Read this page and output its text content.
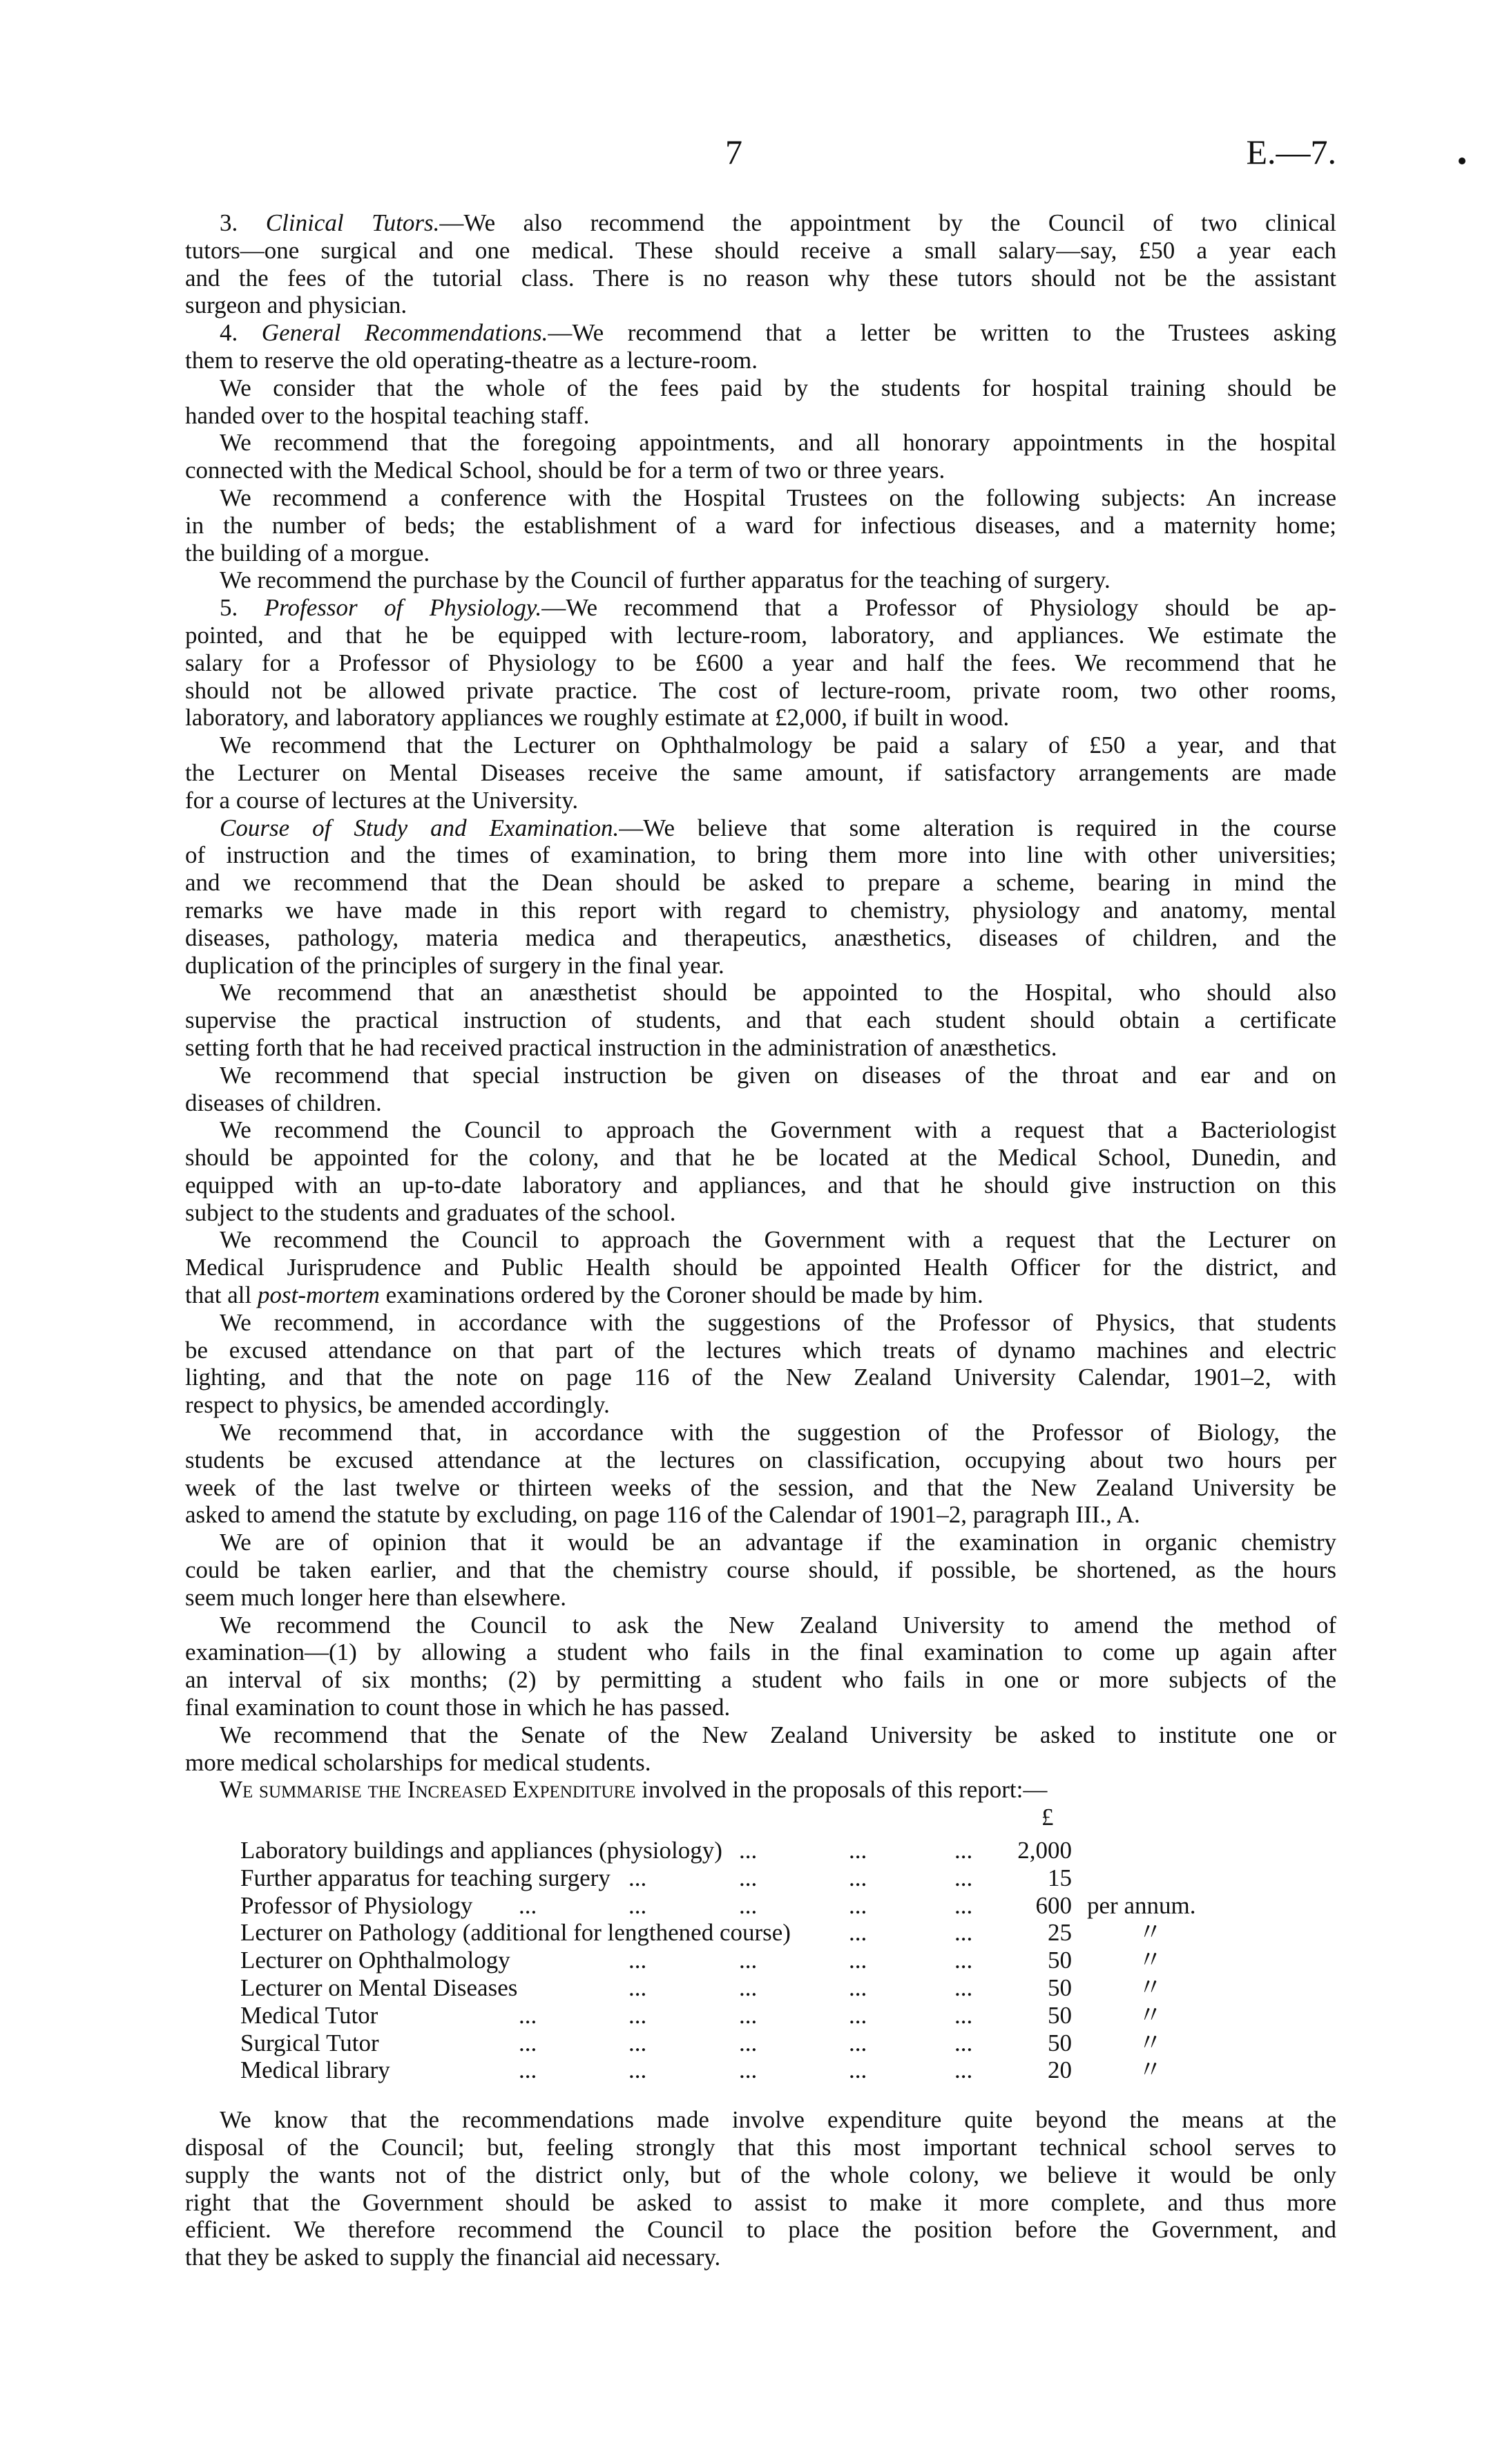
7	E.—7.
3. Clinical Tutors.—We also recommend the appointment by the Council of two clinical
tutors—one surgical and one medical. These should receive a small salary—say, £50 a year each
and the fees of the tutorial class. There is no reason why these tutors should not be the assistant
surgeon and physician.
4. General Recommendations.—We recommend that a letter be written to the Trustees asking
them to reserve the old operating-theatre as a lecture-room.
We consider that the whole of the fees paid by the students for hospital training should be
handed over to the hospital teaching staff.
We recommend that the foregoing appointments, and all honorary appointments in the hospital
connected with the Medical School, should be for a term of two or three years.
We recommend a conference with the Hospital Trustees on the following subjects: An increase
in the number of beds; the establishment of a ward for infectious diseases, and a maternity home;
the building of a morgue.
We recommend the purchase by the Council of further apparatus for the teaching of surgery.
5. Professor of Physiology.—We recommend that a Professor of Physiology should be ap-
pointed, and that he be equipped with lecture-room, laboratory, and appliances. We estimate the
salary for a Professor of Physiology to be £600 a year and half the fees. We recommend that he
should not be allowed private practice. The cost of lecture-room, private room, two other rooms,
laboratory, and laboratory appliances we roughly estimate at £2,000, if built in wood.
We recommend that the Lecturer on Ophthalmology be paid a salary of £50 a year, and that
the Lecturer on Mental Diseases receive the same amount, if satisfactory arrangements are made
for a course of lectures at the University.
Course of Study and Examination.—We believe that some alteration is required in the course
of instruction and the times of examination, to bring them more into line with other universities;
and we recommend that the Dean should be asked to prepare a scheme, bearing in mind the
remarks we have made in this report with regard to chemistry, physiology and anatomy, mental
diseases, pathology, materia medica and therapeutics, anæsthetics, diseases of children, and the
duplication of the principles of surgery in the final year.
We recommend that an anæsthetist should be appointed to the Hospital, who should also
supervise the practical instruction of students, and that each student should obtain a certificate
setting forth that he had received practical instruction in the administration of anæsthetics.
We recommend that special instruction be given on diseases of the throat and ear and on
diseases of children.
We recommend the Council to approach the Government with a request that a Bacteriologist
should be appointed for the colony, and that he be located at the Medical School, Dunedin, and
equipped with an up-to-date laboratory and appliances, and that he should give instruction on this
subject to the students and graduates of the school.
We recommend the Council to approach the Government with a request that the Lecturer on
Medical Jurisprudence and Public Health should be appointed Health Officer for the district, and
that all post-mortem examinations ordered by the Coroner should be made by him.
We recommend, in accordance with the suggestions of the Professor of Physics, that students
be excused attendance on that part of the lectures which treats of dynamo machines and electric
lighting, and that the note on page 116 of the New Zealand University Calendar, 1901–2, with
respect to physics, be amended accordingly.
We recommend that, in accordance with the suggestion of the Professor of Biology, the
students be excused attendance at the lectures on classification, occupying about two hours per
week of the last twelve or thirteen weeks of the session, and that the New Zealand University be
asked to amend the statute by excluding, on page 116 of the Calendar of 1901–2, paragraph III., A.
We are of opinion that it would be an advantage if the examination in organic chemistry
could be taken earlier, and that the chemistry course should, if possible, be shortened, as the hours
seem much longer here than elsewhere.
We recommend the Council to ask the New Zealand University to amend the method of
examination—(1) by allowing a student who fails in the final examination to come up again after
an interval of six months; (2) by permitting a student who fails in one or more subjects of the
final examination to count those in which he has passed.
We recommend that the Senate of the New Zealand University be asked to institute one or
more medical scholarships for medical students.
We summarise the Increased Expenditure involved in the proposals of this report:—
£
Laboratory buildings and appliances (physiology) ...	...	... 2,000
Further apparatus for teaching surgery ...	...	...	...	15
Professor of Physiology ...	...	...	...	...	600 per annum.
Lecturer on Pathology (additional for lengthened course) ...	...	25	〃
Lecturer on Ophthalmology	...	...	...	...	50	〃
Lecturer on Mental Diseases	...	...	...	...	50	〃
Medical Tutor	...	...	...	...	...	50	〃
Surgical Tutor	...	...	...	...	...	50	〃
Medical library	...	...	...	...	...	20	〃
We know that the recommendations made involve expenditure quite beyond the means at the
disposal of the Council; but, feeling strongly that this most important technical school serves to
supply the wants not of the district only, but of the whole colony, we believe it would be only
right that the Government should be asked to assist to make it more complete, and thus more
efficient. We therefore recommend the Council to place the position before the Government, and
that they be asked to supply the financial aid necessary.
